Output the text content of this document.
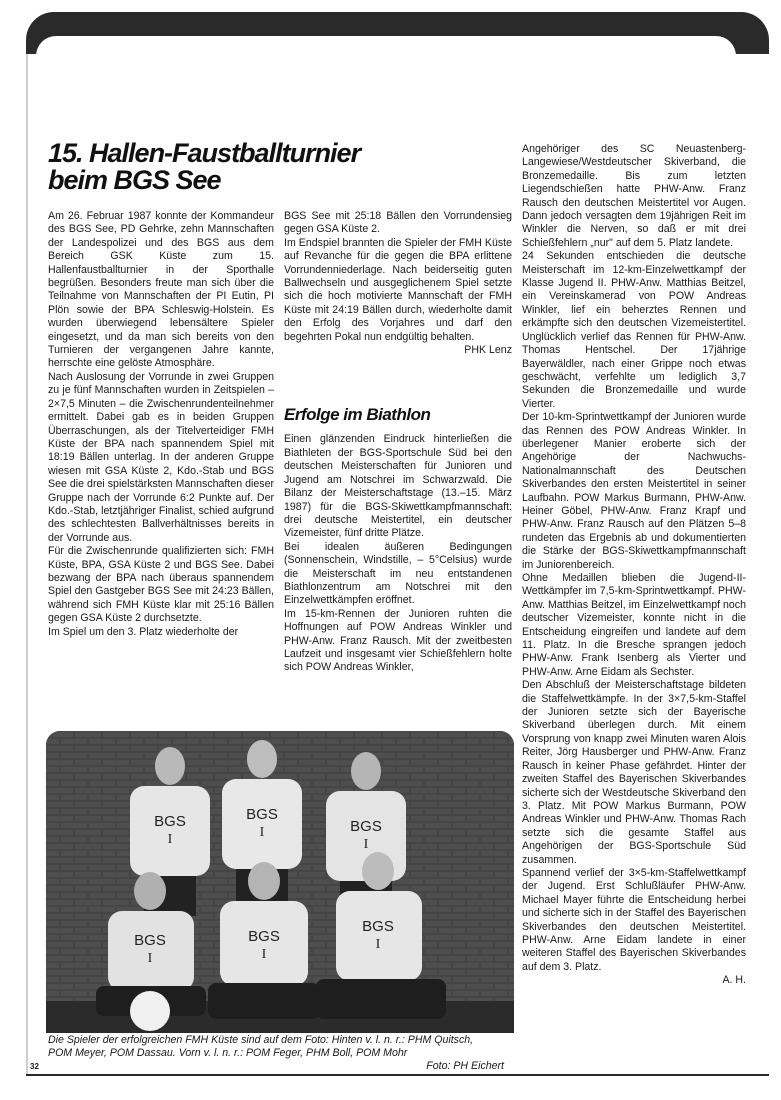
15. Hallen-Faustballturnier
beim BGS See

Am 26. Februar 1987 konnte der Kommandeur des BGS See, PD Gehrke, zehn Mannschaften der Landespolizei und des BGS aus dem Bereich GSK Küste zum 15. Hallenfaustballturnier in der Sporthalle begrüßen. Besonders freute man sich über die Teilnahme von Mannschaften der PI Eutin, PI Plön sowie der BPA Schleswig-Holstein. Es wurden überwiegend lebensältere Spieler eingesetzt, und da man sich bereits von den Turnieren der vergangenen Jahre kannte, herrschte eine gelöste Atmosphäre.

Nach Auslosung der Vorrunde in zwei Gruppen zu je fünf Mannschaften wurden in Zeitspielen – 2×7,5 Minuten – die Zwischenrundenteilnehmer ermittelt. Dabei gab es in beiden Gruppen Überraschungen, als der Titelverteidiger FMH Küste der BPA nach spannendem Spiel mit 18:19 Bällen unterlag. In der anderen Gruppe wiesen mit GSA Küste 2, Kdo.-Stab und BGS See die drei spielstärksten Mannschaften dieser Gruppe nach der Vorrunde 6:2 Punkte auf. Der Kdo.-Stab, letztjähriger Finalist, schied aufgrund des schlechtesten Ballverhältnisses bereits in der Vorrunde aus.

Für die Zwischenrunde qualifizierten sich: FMH Küste, BPA, GSA Küste 2 und BGS See. Dabei bezwang der BPA nach überaus spannendem Spiel den Gastgeber BGS See mit 24:23 Bällen, während sich FMH Küste klar mit 25:16 Bällen gegen GSA Küste 2 durchsetzte.

Im Spiel um den 3. Platz wiederholte der

BGS See mit 25:18 Bällen den Vorrundensieg gegen GSA Küste 2.

Im Endspiel brannten die Spieler der FMH Küste auf Revanche für die gegen die BPA erlittene Vorrundenniederlage. Nach beiderseitig guten Ballwechseln und ausgeglichenem Spiel setzte sich die hoch motivierte Mannschaft der FMH Küste mit 24:19 Bällen durch, wiederholte damit den Erfolg des Vorjahres und darf den begehrten Pokal nun endgültig behalten.

PHK Lenz

Erfolge im Biathlon

Einen glänzenden Eindruck hinterließen die Biathleten der BGS-Sportschule Süd bei den deutschen Meisterschaften für Junioren und Jugend am Notschrei im Schwarzwald. Die Bilanz der Meisterschaftstage (13.–15. März 1987) für die BGS-Skiwettkampfmannschaft: drei deutsche Meistertitel, ein deutscher Vizemeister, fünf dritte Plätze.

Bei idealen äußeren Bedingungen (Sonnenschein, Windstille, – 5°Celsius) wurde die Meisterschaft im neu entstandenen Biathlonzentrum am Notschrei mit den Einzelwettkämpfen eröffnet.

Im 15-km-Rennen der Junioren ruhten die Hoffnungen auf POW Andreas Winkler und PHW-Anw. Franz Rausch. Mit der zweitbesten Laufzeit und insgesamt vier Schießfehlern holte sich POW Andreas Winkler,

Angehöriger des SC Neuastenberg-Langewiese/Westdeutscher Skiverband, die Bronzemedaille. Bis zum letzten Liegendschießen hatte PHW-Anw. Franz Rausch den deutschen Meistertitel vor Augen. Dann jedoch versagten dem 19jährigen Reit im Winkler die Nerven, so daß er mit drei Schießfehlern „nur" auf dem 5. Platz landete.

24 Sekunden entschieden die deutsche Meisterschaft im 12-km-Einzelwettkampf der Klasse Jugend II. PHW-Anw. Matthias Beitzel, ein Vereinskamerad von POW Andreas Winkler, lief ein beherztes Rennen und erkämpfte sich den deutschen Vizemeistertitel. Unglücklich verlief das Rennen für PHW-Anw. Thomas Hentschel. Der 17jährige Bayerwäldler, nach einer Grippe noch etwas geschwächt, verfehlte um lediglich 3,7 Sekunden die Bronzemedaille und wurde Vierter.

Der 10-km-Sprintwettkampf der Junioren wurde das Rennen des POW Andreas Winkler. In überlegener Manier eroberte sich der Angehörige der Nachwuchs-Nationalmannschaft des Deutschen Skiverbandes den ersten Meistertitel in seiner Laufbahn. POW Markus Burmann, PHW-Anw. Heiner Göbel, PHW-Anw. Franz Krapf und PHW-Anw. Franz Rausch auf den Plätzen 5–8 rundeten das Ergebnis ab und dokumentierten die Stärke der BGS-Skiwettkampfmannschaft im Juniorenbereich.

Ohne Medaillen blieben die Jugend-II-Wettkämpfer im 7,5-km-Sprintwettkampf. PHW-Anw. Matthias Beitzel, im Einzelwettkampf noch deutscher Vizemeister, konnte nicht in die Entscheidung eingreifen und landete auf dem 11. Platz. In die Bresche sprangen jedoch PHW-Anw. Frank Isenberg als Vierter und PHW-Anw. Arne Eidam als Sechster.

Den Abschluß der Meisterschaftstage bildeten die Staffelwettkämpfe. In der 3×7,5-km-Staffel der Junioren setzte sich der Bayerische Skiverband überlegen durch. Mit einem Vorsprung von knapp zwei Minuten waren Alois Reiter, Jörg Hausberger und PHW-Anw. Franz Rausch in keiner Phase gefährdet. Hinter der zweiten Staffel des Bayerischen Skiverbandes sicherte sich der Westdeutsche Skiverband den 3. Platz. Mit POW Markus Burmann, POW Andreas Winkler und PHW-Anw. Thomas Rach setzte sich die gesamte Staffel aus Angehörigen der BGS-Sportschule Süd zusammen.

Spannend verlief der 3×5-km-Staffelwettkampf der Jugend. Erst Schlußläufer PHW-Anw. Michael Mayer führte die Entscheidung herbei und sicherte sich in der Staffel des Bayerischen Skiverbandes den deutschen Meistertitel. PHW-Anw. Arne Eidam landete in einer weiteren Staffel des Bayerischen Skiverbandes auf dem 3. Platz.

A. H.

BGS
I
BGS
I	BGS
I
BGS
I
BGS
I
BGS
I
Die Spieler der erfolgreichen FMH Küste sind auf dem Foto: Hinten v. l. n. r.: PHM Quitsch,
POM Meyer, POM Dassau. Vorn v. l. n. r.: POM Feger, PHM Boll, POM Mohr
Foto: PH Eichert
32
